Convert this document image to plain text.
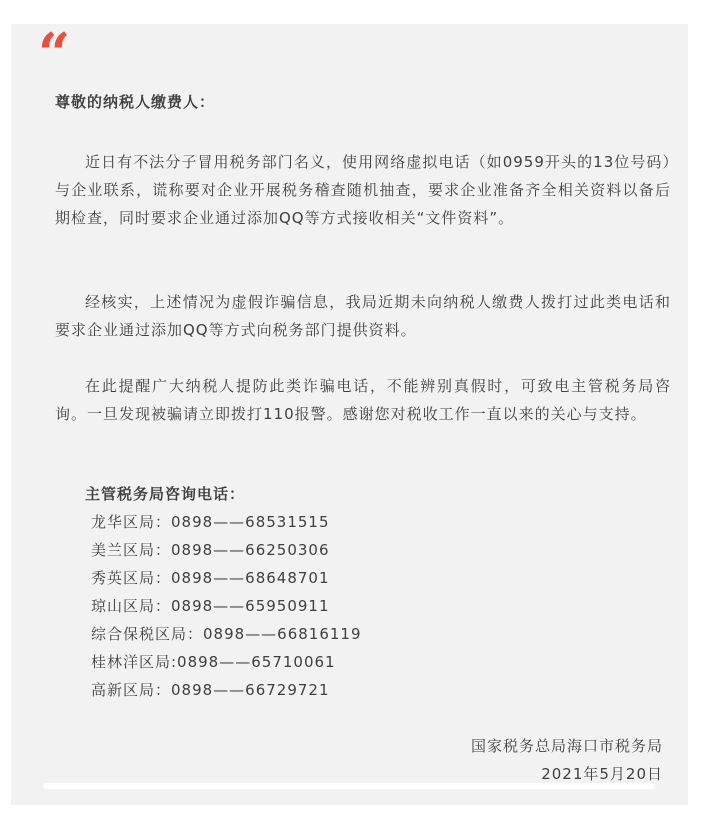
“

尊敬的纳税人缴费人：

近日有不法分子冒用税务部门名义，使用网络虚拟电话（如0959开头的13位号码）与企业联系，谎称要对企业开展税务稽查随机抽查，要求企业准备齐全相关资料以备后期检查，同时要求企业通过添加QQ等方式接收相关“文件资料”。

经核实，上述情况为虚假诈骗信息，我局近期未向纳税人缴费人拨打过此类电话和要求企业通过添加QQ等方式向税务部门提供资料。

在此提醒广大纳税人提防此类诈骗电话，不能辨别真假时，可致电主管税务局咨询。一旦发现被骗请立即拨打110报警。感谢您对税收工作一直以来的关心与支持。

主管税务局咨询电话：

龙华区局：0898——68531515
美兰区局：0898——66250306
秀英区局：0898——68648701
琼山区局：0898——65950911
综合保税区局：0898——66816119
桂林洋区局:0898——65710061
高新区局：0898——66729721
国家税务总局海口市税务局
2021年5月20日
